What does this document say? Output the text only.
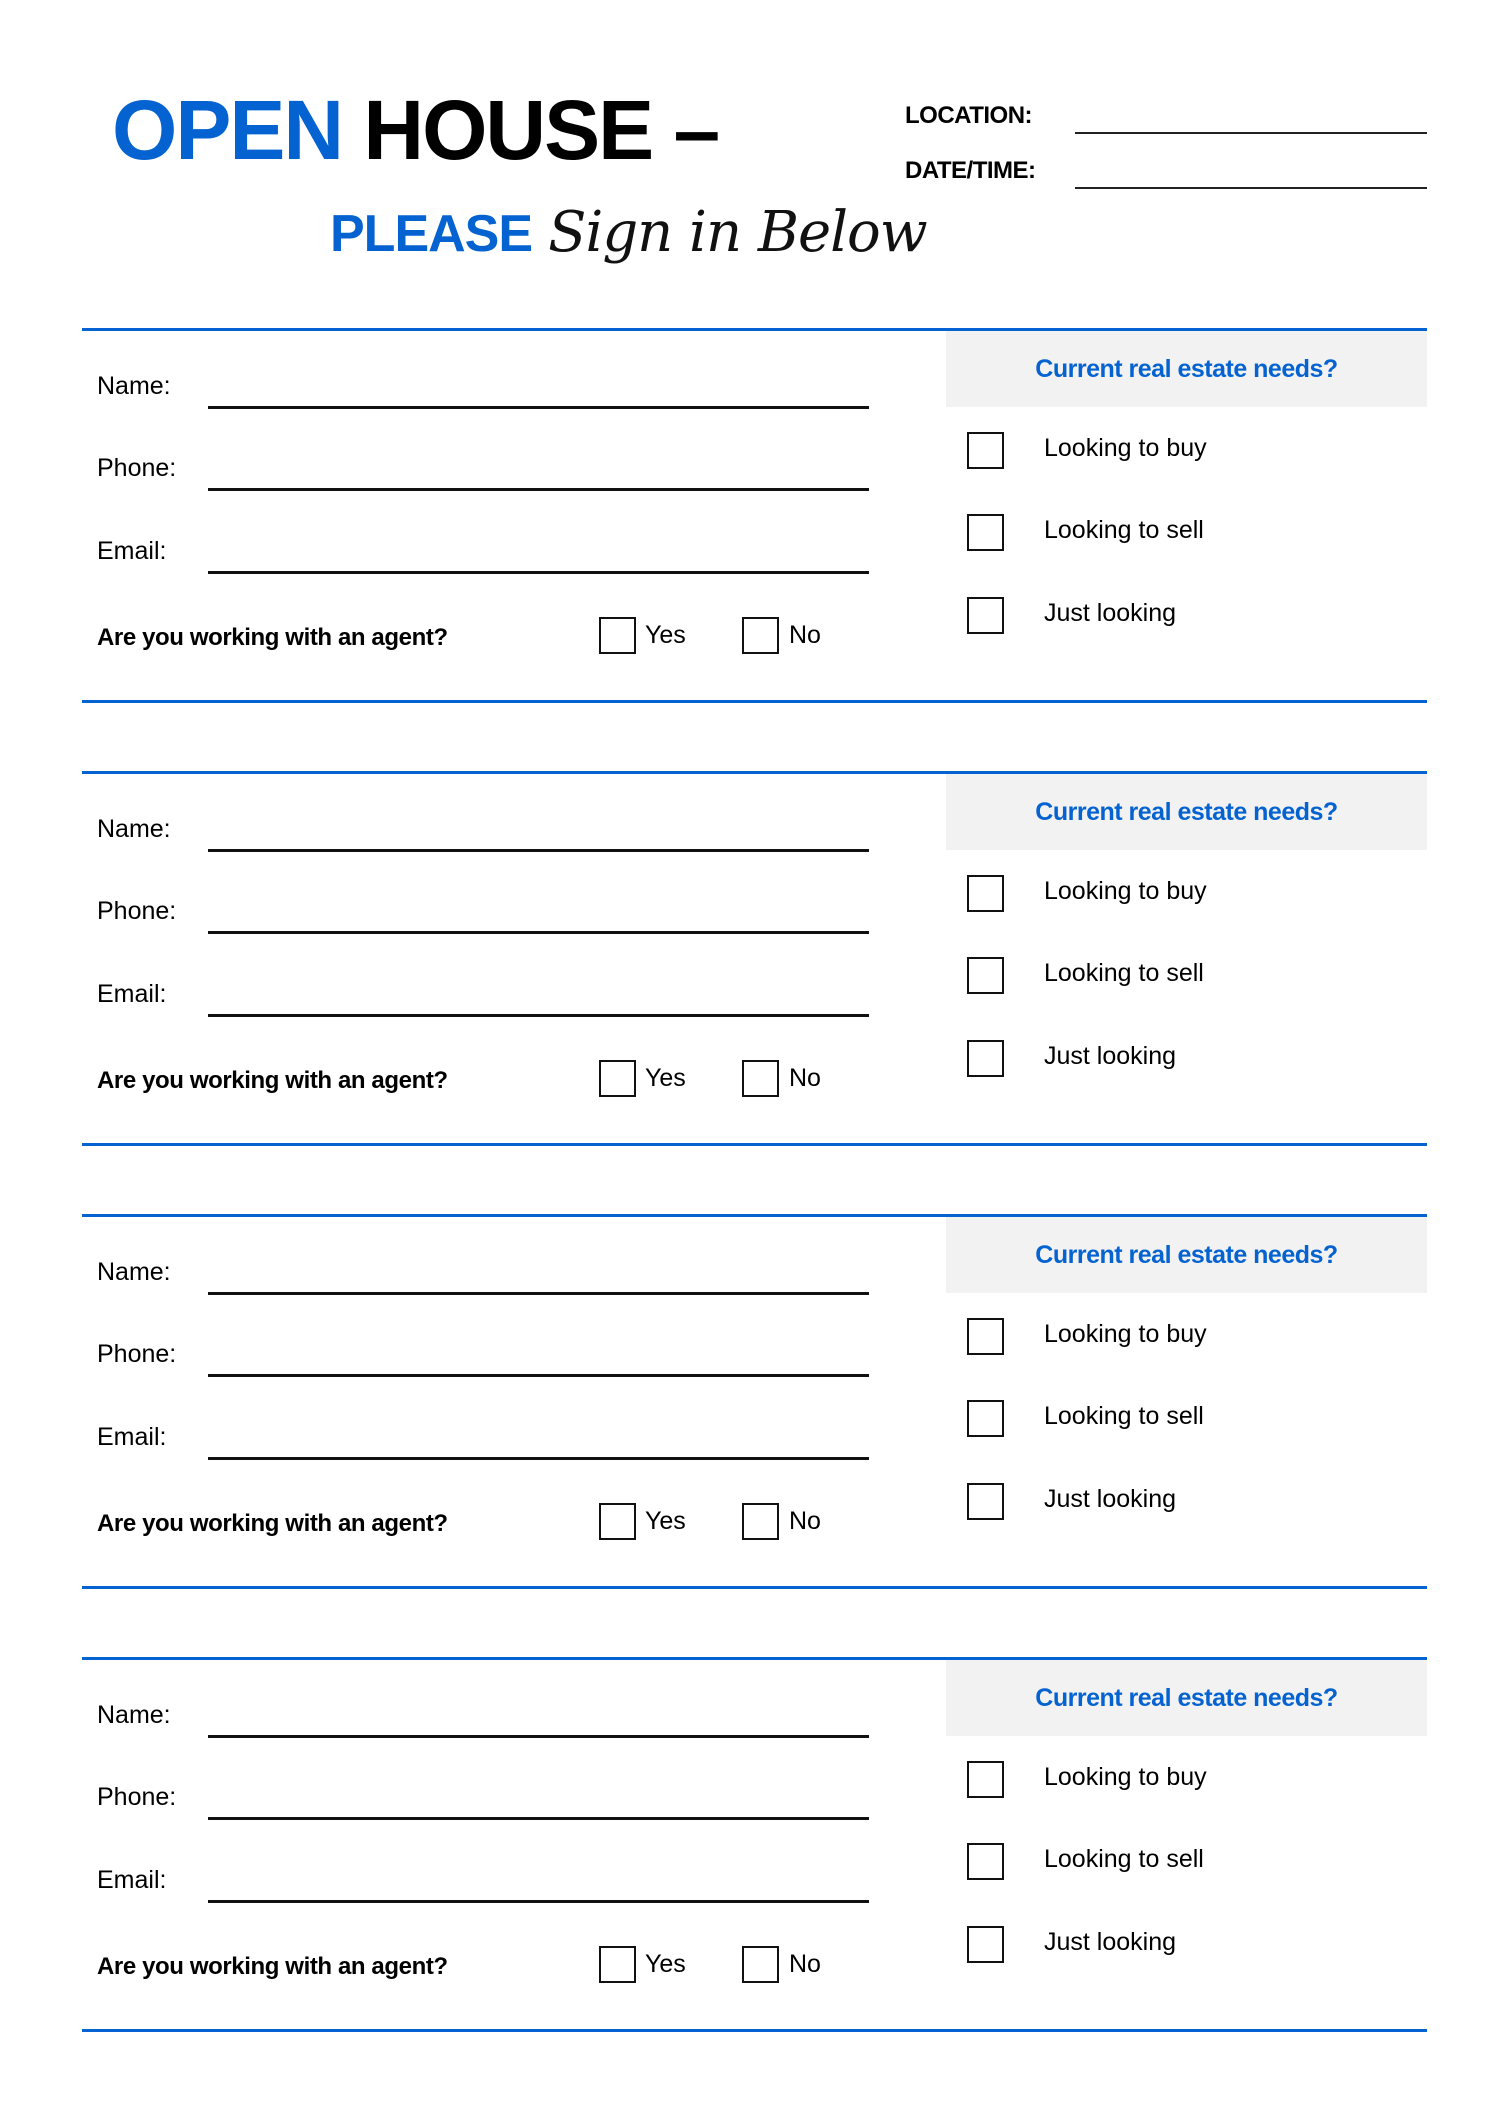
OPEN HOUSE –
PLEASE Sign in Below
LOCATION:
DATE/TIME:
Current real estate needs?
Name:
Phone:
Email:
Are you working with an agent?	Yes	No
Looking to buy
Looking to sell
Just looking
Current real estate needs?
Name:
Phone:
Email:
Are you working with an agent?	Yes	No
Looking to buy
Looking to sell
Just looking
Current real estate needs?
Name:
Phone:
Email:
Are you working with an agent?	Yes	No
Looking to buy
Looking to sell
Just looking
Current real estate needs?
Name:
Phone:
Email:
Are you working with an agent?	Yes	No
Looking to buy
Looking to sell
Just looking
